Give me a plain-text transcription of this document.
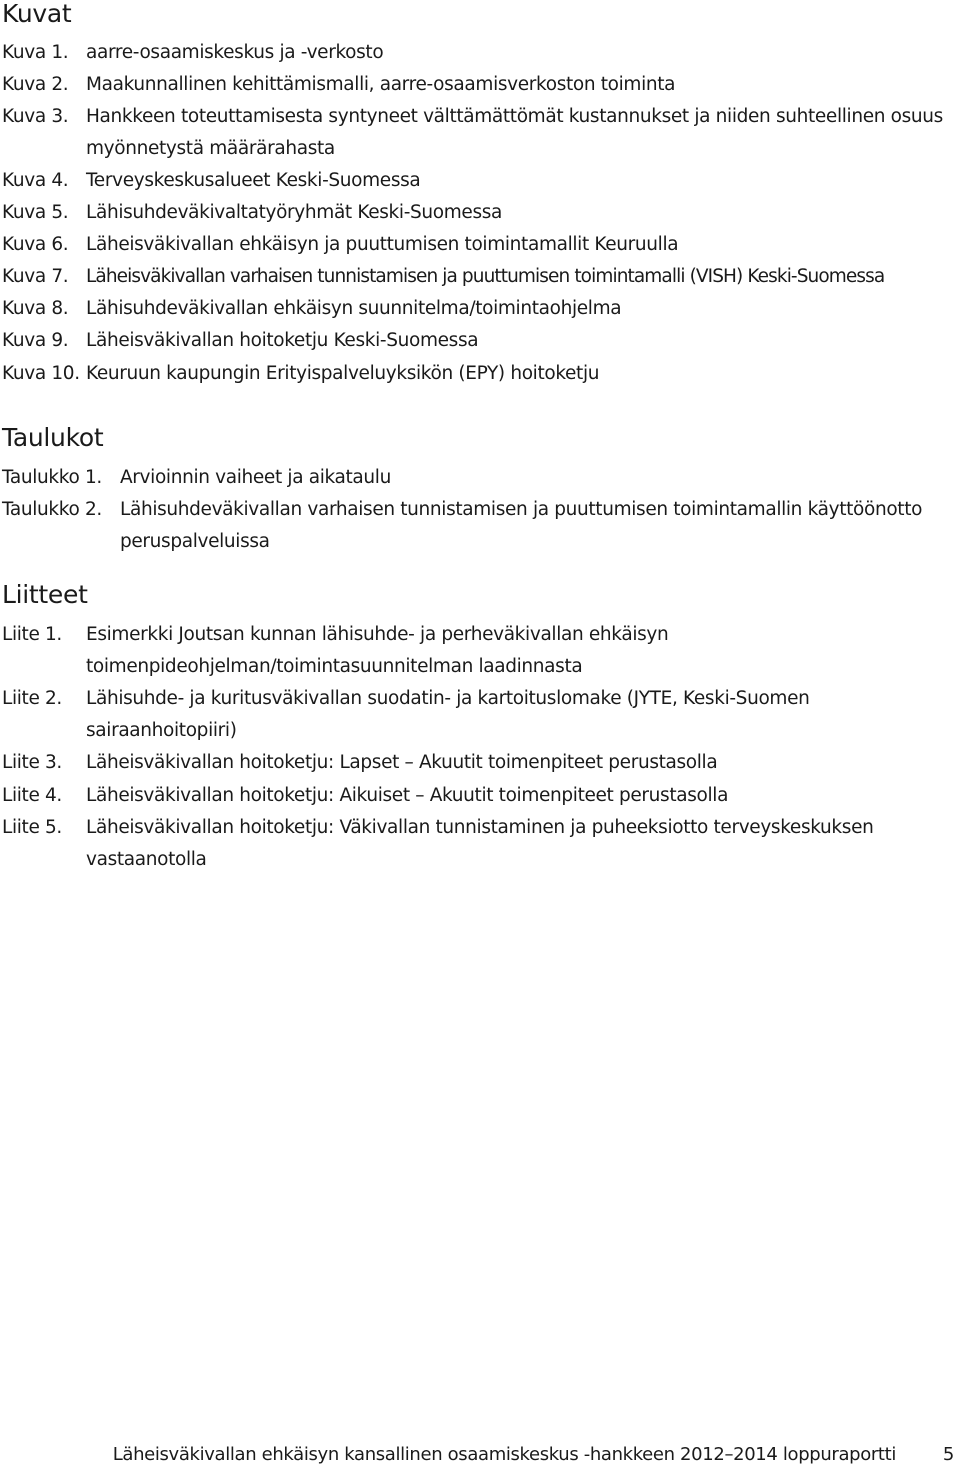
Kuvat
Kuva 1. aarre-osaamiskeskus ja -verkosto
Kuva 2. Maakunnallinen kehittämismalli, aarre-osaamisverkoston toiminta
Kuva 3. Hankkeen toteuttamisesta syntyneet välttämättömät kustannukset ja niiden suhteellinen osuus myönnetystä määrärahasta
Kuva 4. Terveyskeskusalueet Keski-Suomessa
Kuva 5. Lähisuhdeväkivaltatyöryhmät Keski-Suomessa
Kuva 6. Läheisväkivallan ehkäisyn ja puuttumisen toimintamallit Keuruulla
Kuva 7. Läheisväkivallan varhaisen tunnistamisen ja puuttumisen toimintamalli (VISH) Keski-Suomessa
Kuva 8. Lähisuhdeväkivallan ehkäisyn suunnitelma/toimintaohjelma
Kuva 9. Läheisväkivallan hoitoketju Keski-Suomessa
Kuva 10. Keuruun kaupungin Erityispalveluyksikön (EPY) hoitoketju
Taulukot
Taulukko 1. Arvioinnin vaiheet ja aikataulu
Taulukko 2. Lähisuhdeväkivallan varhaisen tunnistamisen ja puuttumisen toimintamallin käyttöönotto peruspalveluissa
Liitteet
Liite 1. Esimerkki Joutsan kunnan lähisuhde- ja perheväkivallan ehkäisyn toimenpideohjelman/toimintasuunnitelman laadinnasta
Liite 2. Lähisuhde- ja kuritusväkivallan suodatin- ja kartoituslomake (JYTE, Keski-Suomen sairaanhoitopiiri)
Liite 3. Läheisväkivallan hoitoketju: Lapset – Akuutit toimenpiteet perustasolla
Liite 4. Läheisväkivallan hoitoketju: Aikuiset – Akuutit toimenpiteet perustasolla
Liite 5. Läheisväkivallan hoitoketju: Väkivallan tunnistaminen ja puheeksiotto terveyskeskuksen vastaanotolla
Läheisväkivallan ehkäisyn kansallinen osaamiskeskus -hankkeen 2012–2014 loppuraportti	5
